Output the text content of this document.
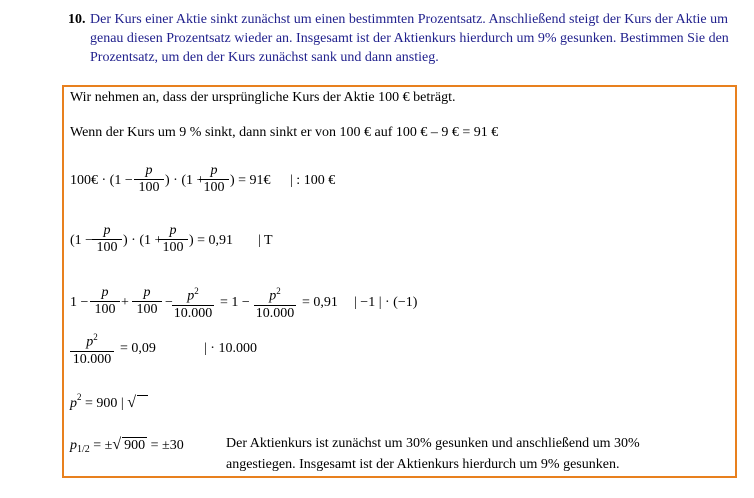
10. Der Kurs einer Aktie sinkt zunächst um einen bestimmten Prozentsatz. Anschließend steigt der Kurs der Aktie um genau diesen Prozentsatz wieder an. Insgesamt ist der Aktienkurs hierdurch um 9% gesunken. Bestimmen Sie den Prozentsatz, um den der Kurs zunächst sank und dann anstieg.
Wir nehmen an, dass der ursprüngliche Kurs der Aktie 100 € beträgt.
Wenn der Kurs um 9 % sinkt, dann sinkt er von 100 € auf 100 € – 9 € = 91 €
100€ · ($1 - \frac{p}{100}$ ) · (1 +
$\frac{p}{100}$ ) = 91€ | : 100 €
(1 −
$\frac{p}{100}$ ) · (1 +
$\frac{p}{100}$ ) = 0,91 | T
$1 - \frac{p}{100} + \frac{p}{100} - \frac{p^2}{10.000} = 1 - \frac{p^2}{10.000} = 0,91$ | −1 | · (−1)
$\frac{p^2}{10.000} = 0,09$	| · 10.000
$p^2 = 900$ | √
$p_{1/2}$ = ±√ 900 = ±30	Der Aktienkurs ist zunächst um 30% gesunken und anschließend um 30%
angestiegen. Insgesamt ist der Aktienkurs hierdurch um 9% gesunken.
